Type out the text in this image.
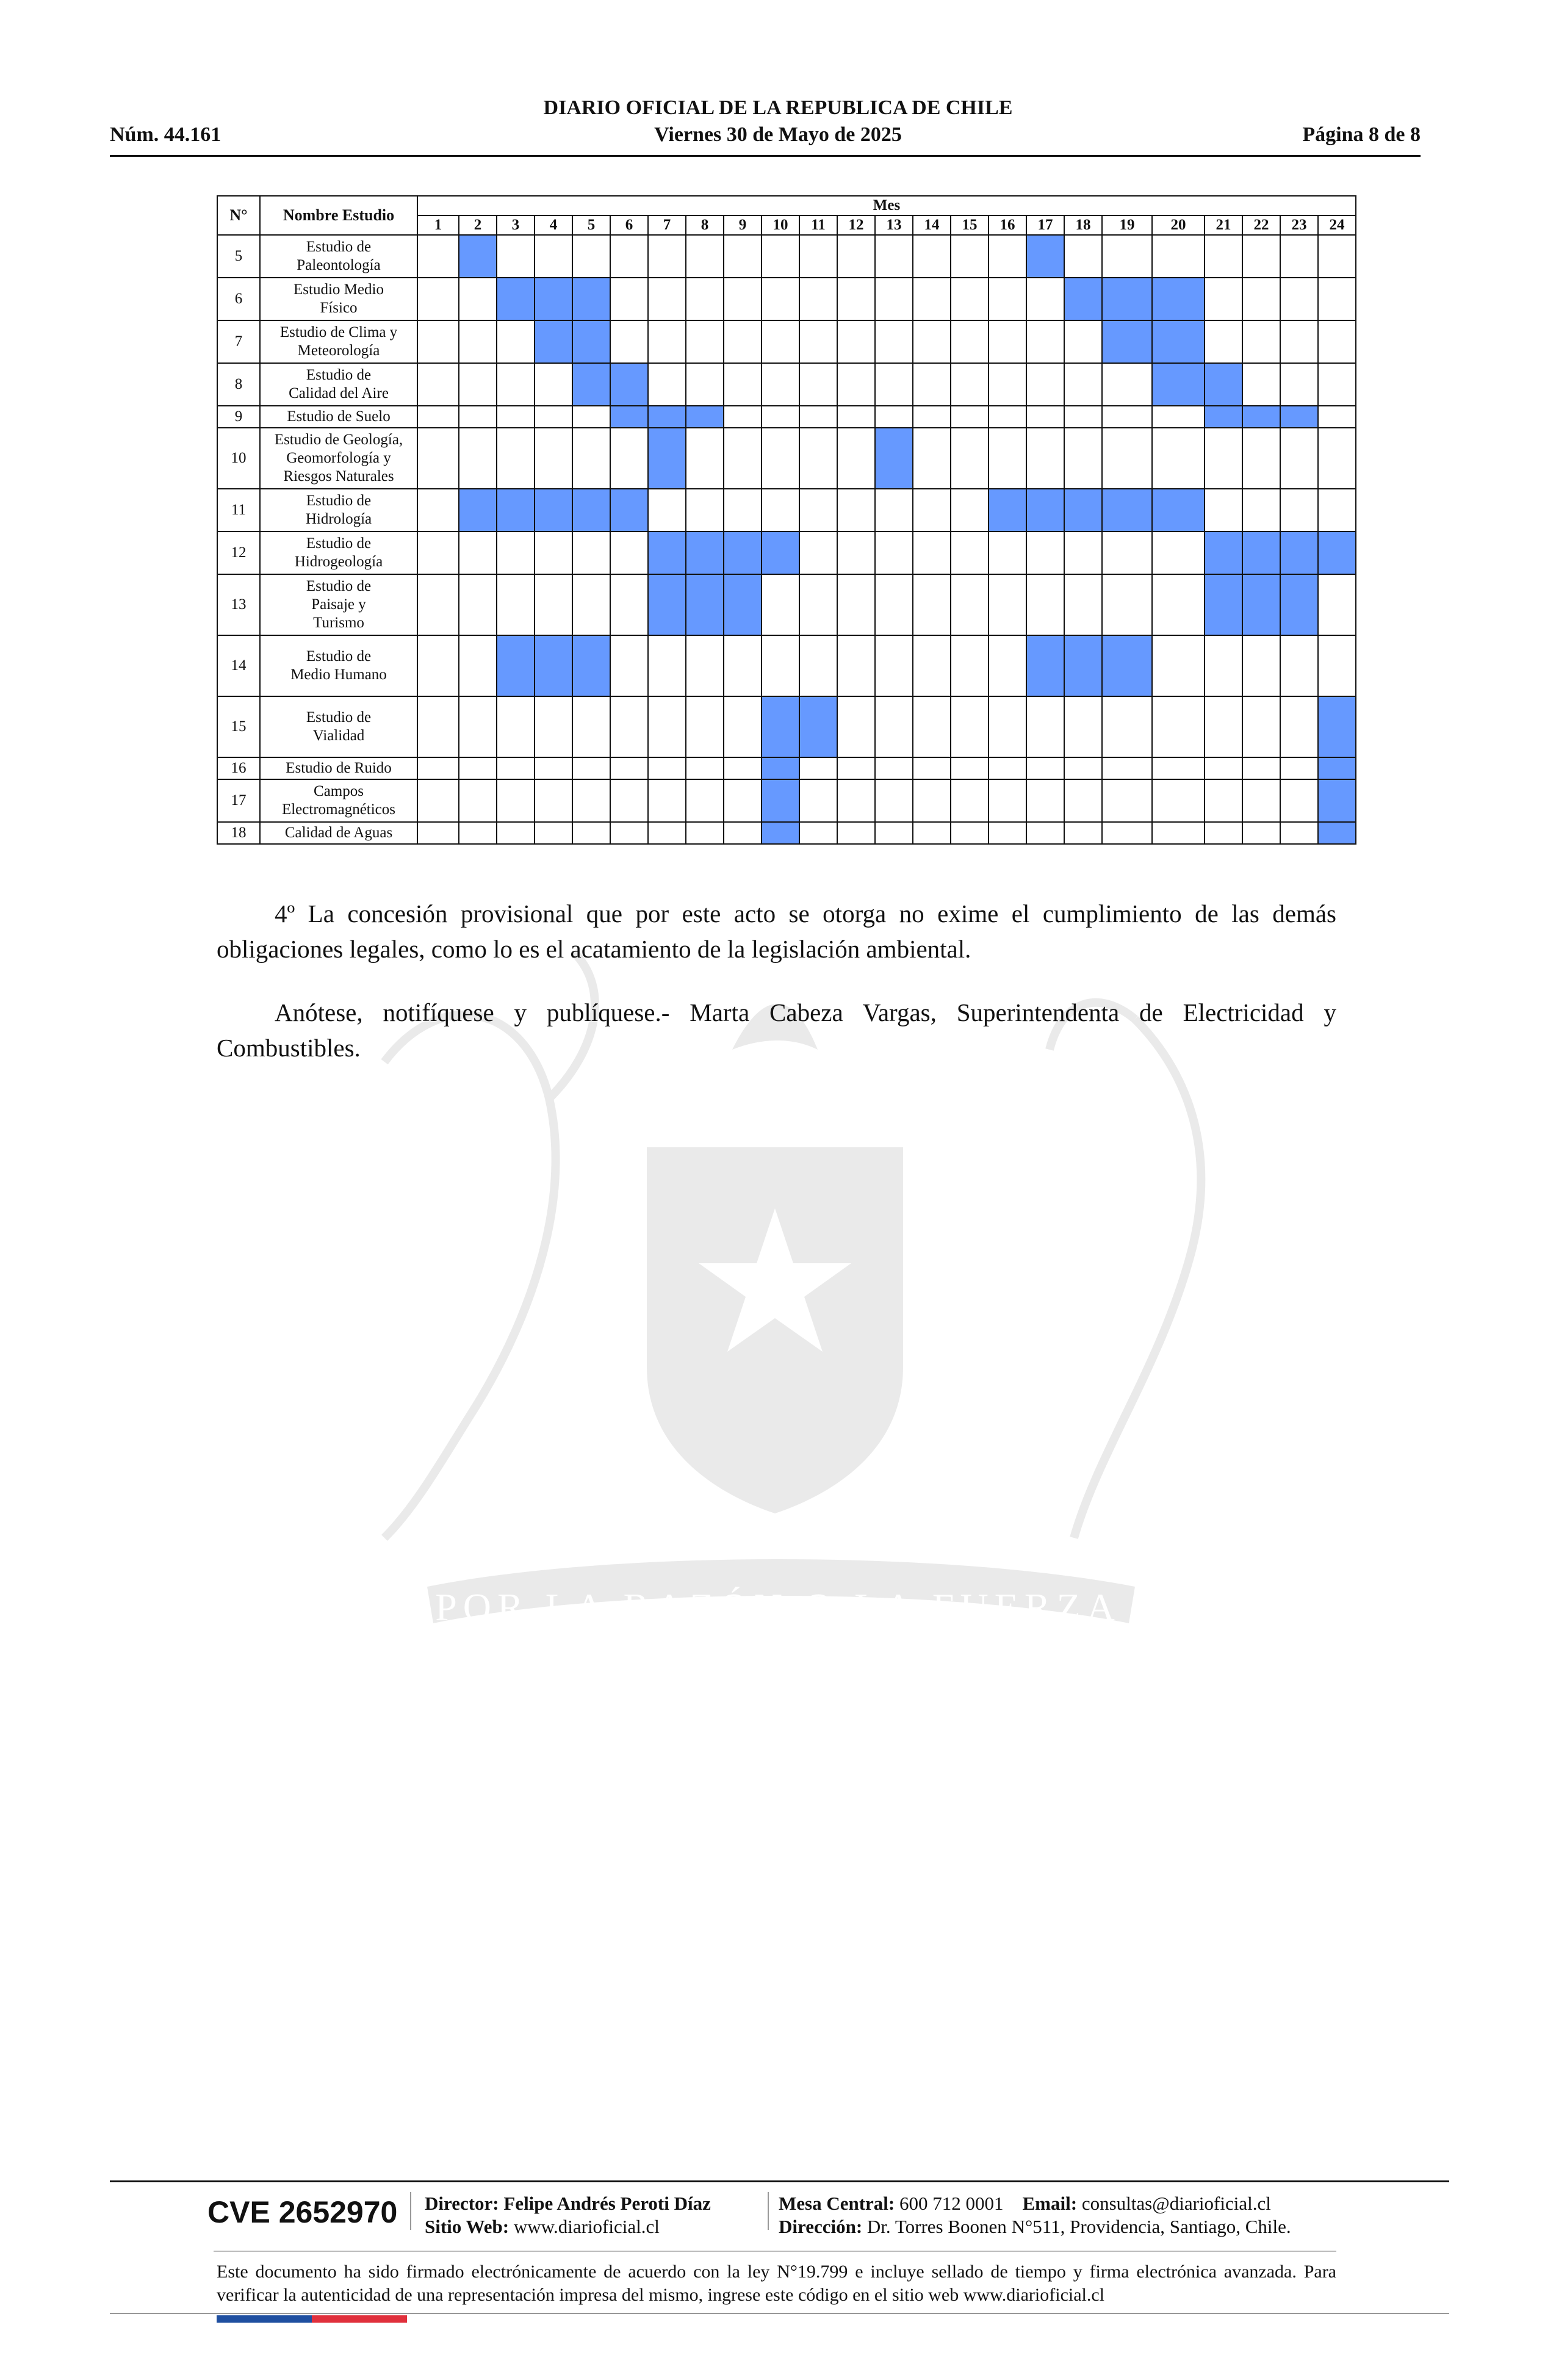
DIARIO OFICIAL DE LA REPUBLICA DE CHILE
Núm. 44.161	Viernes 30 de Mayo de 2025	Página 8 de 8
POR LA RAZÓN O LA FUERZA
N°	Nombre Estudio	Mes																							
		1	2	3	4	5	6	7	8	9	10	11	12	13	14	15	16	17	18	19	20	21	22	23	24
5	Estudio de
Paleontología																								

6	Estudio Medio
Físico																								

7	Estudio de Clima y
Meteorología																								

8	Estudio de
Calidad del Aire																								

9	Estudio de Suelo																								

10	Estudio de Geología,
Geomorfología y
Riesgos Naturales																								

11	Estudio de
Hidrología																								

12	Estudio de
Hidrogeología																								

13	Estudio de
Paisaje y
Turismo																								

14	Estudio de
Medio Humano																								

15	Estudio de
Vialidad																								

16	Estudio de Ruido																								

17	Campos
Electromagnéticos																								

18	Calidad de Aguas																								

4º La concesión provisional que por este acto se otorga no exime el cumplimiento de las demás obligaciones legales, como lo es el acatamiento de la legislación ambiental.
Anótese, notifíquese y publíquese.- Marta Cabeza Vargas, Superintendenta de Electricidad y Combustibles.
CVE 2652970 Director: Felipe Andrés Peroti Díaz
Sitio Web: www.diarioficial.cl
Mesa Central: 600 712 0001 Email: consultas@diarioficial.cl
Dirección: Dr. Torres Boonen N°511, Providencia, Santiago, Chile.
Este documento ha sido firmado electrónicamente de acuerdo con la ley N°19.799 e incluye sellado de tiempo y firma electrónica avanzada. Para verificar la autenticidad de una representación impresa del mismo, ingrese este código en el sitio web www.diarioficial.cl
